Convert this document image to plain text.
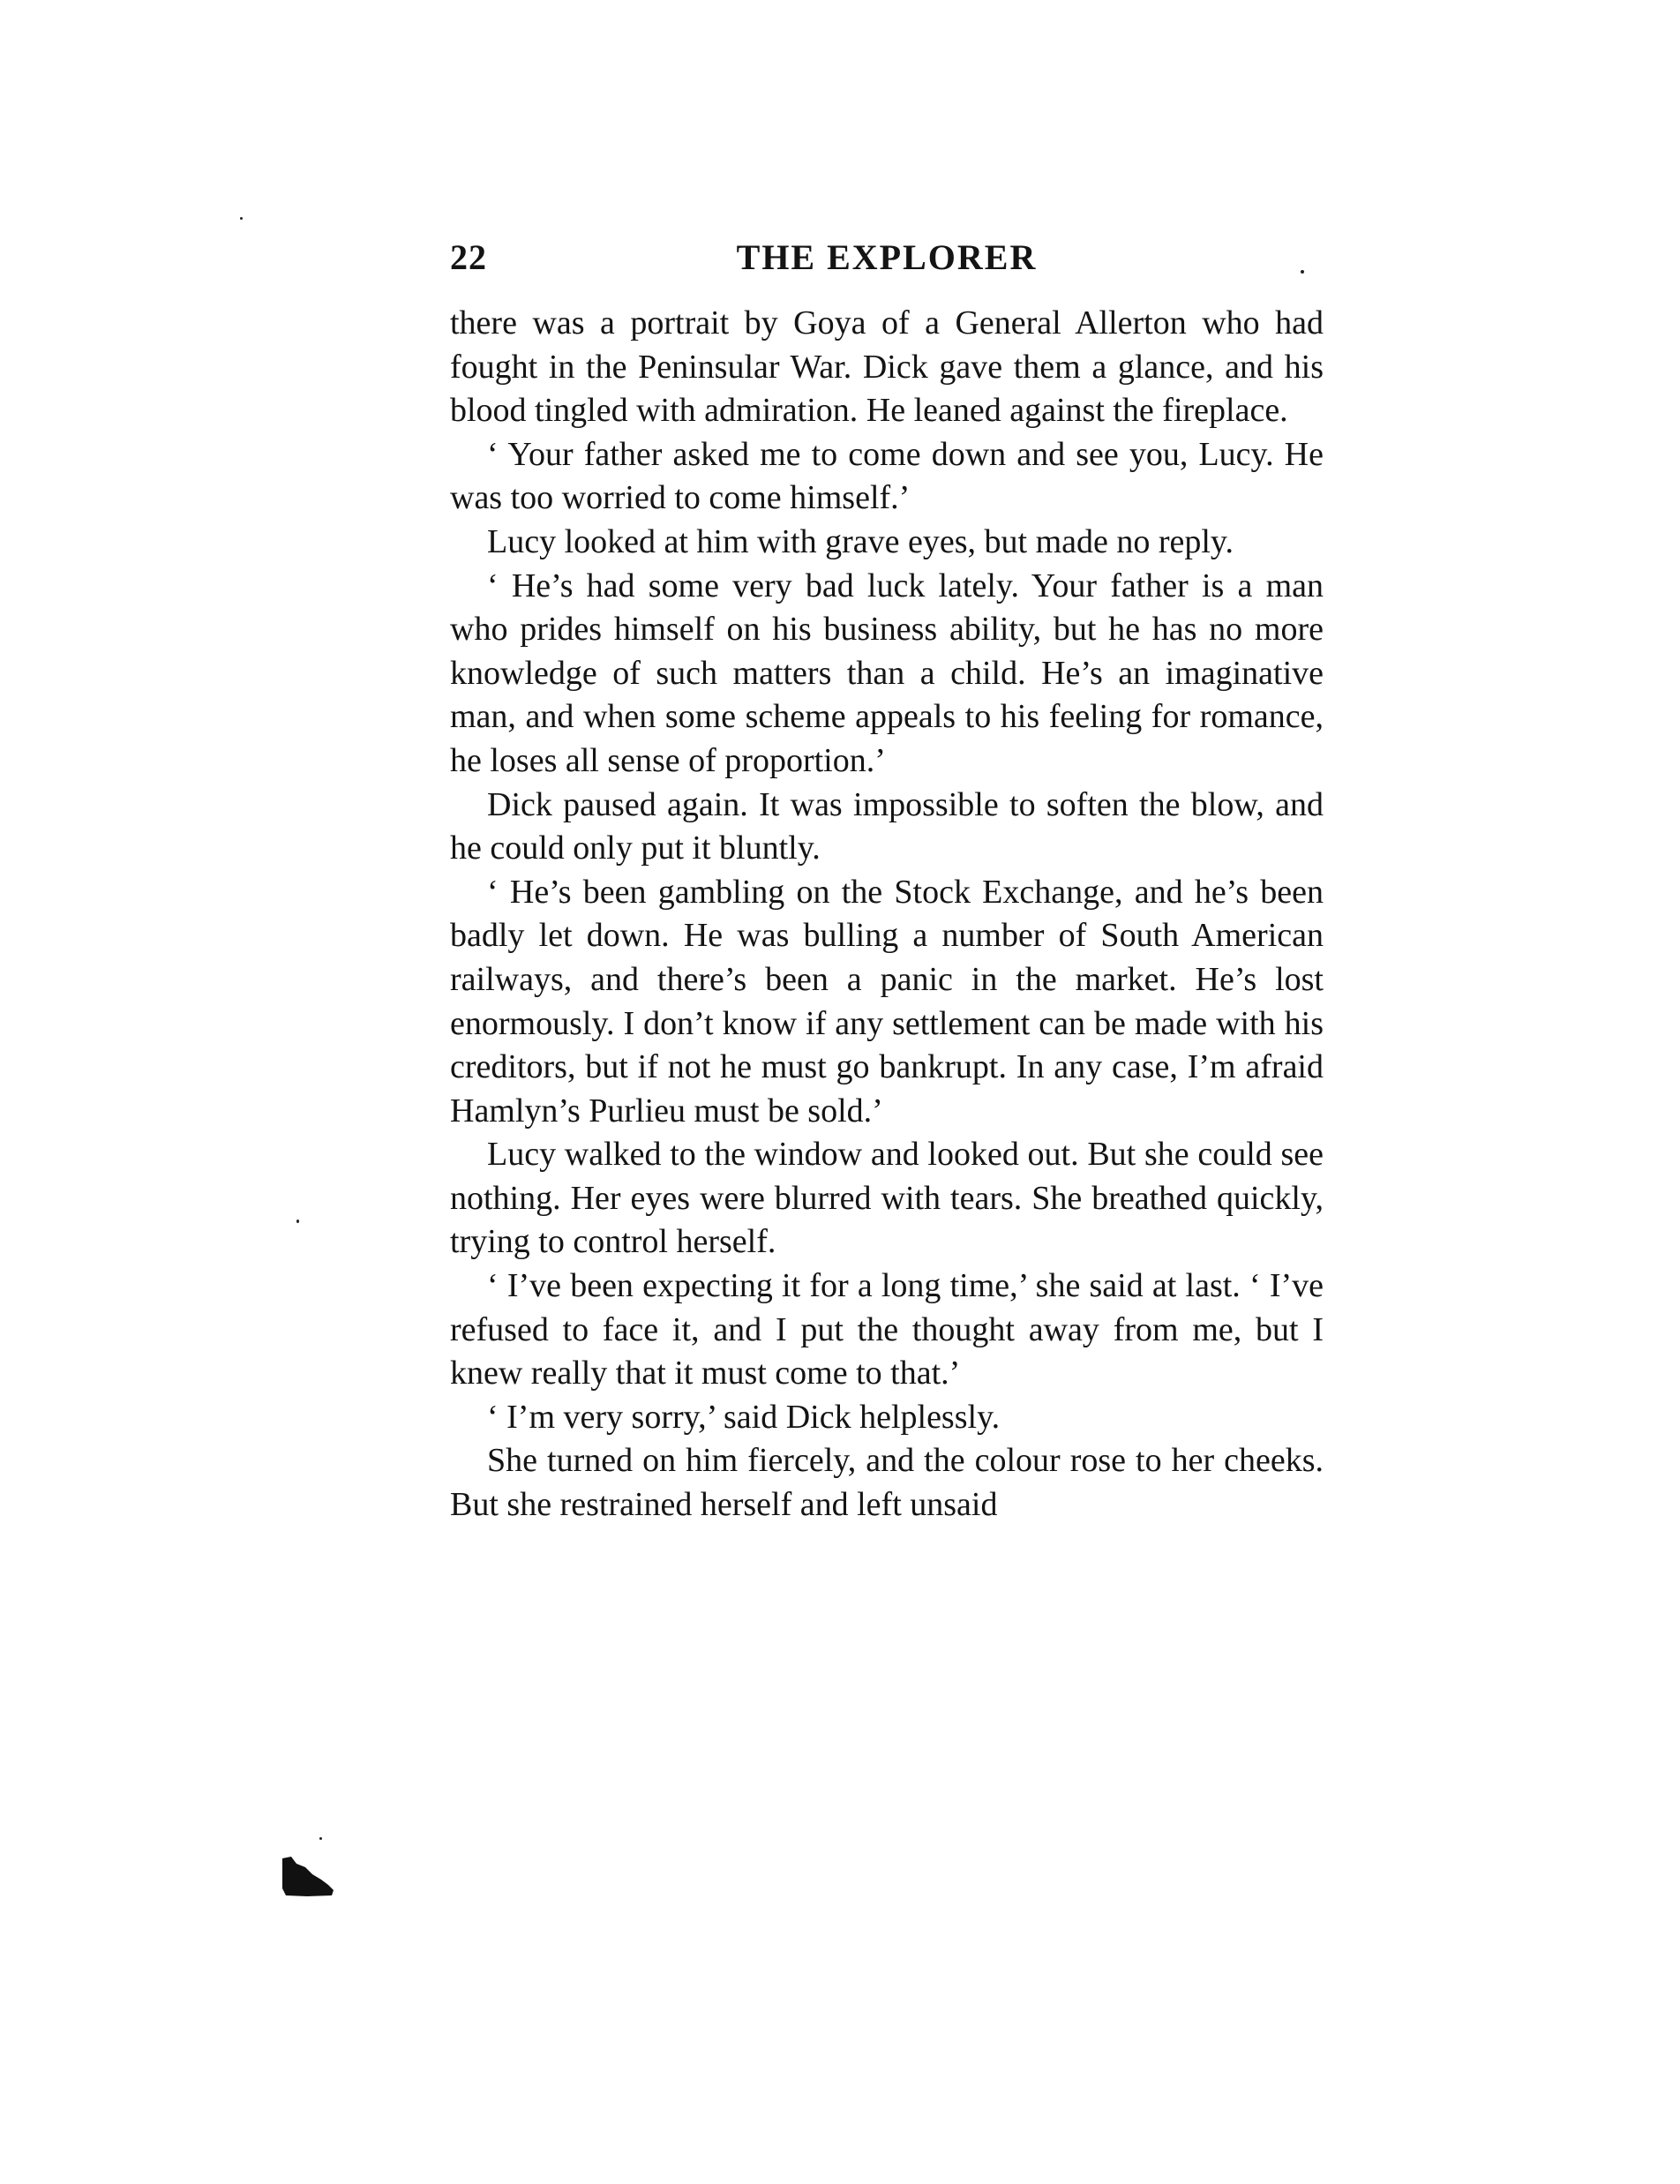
22	THE EXPLORER

there was a portrait by Goya of a General Allerton who had fought in the Peninsular War. Dick gave them a glance, and his blood tingled with admiration. He leaned against the fireplace.

‘ Your father asked me to come down and see you, Lucy. He was too worried to come himself.’

Lucy looked at him with grave eyes, but made no reply.

‘ He’s had some very bad luck lately. Your father is a man who prides himself on his business ability, but he has no more knowledge of such matters than a child. He’s an imaginative man, and when some scheme appeals to his feeling for romance, he loses all sense of proportion.’

Dick paused again. It was impossible to soften the blow, and he could only put it bluntly.

‘ He’s been gambling on the Stock Exchange, and he’s been badly let down. He was bulling a number of South American railways, and there’s been a panic in the market. He’s lost enormously. I don’t know if any settlement can be made with his creditors, but if not he must go bankrupt. In any case, I’m afraid Hamlyn’s Purlieu must be sold.’

Lucy walked to the window and looked out. But she could see nothing. Her eyes were blurred with tears. She breathed quickly, trying to control herself.

‘ I’ve been expecting it for a long time,’ she said at last. ‘ I’ve refused to face it, and I put the thought away from me, but I knew really that it must come to that.’

‘ I’m very sorry,’ said Dick helplessly.

She turned on him fiercely, and the colour rose to her cheeks. But she restrained herself and left unsaid
